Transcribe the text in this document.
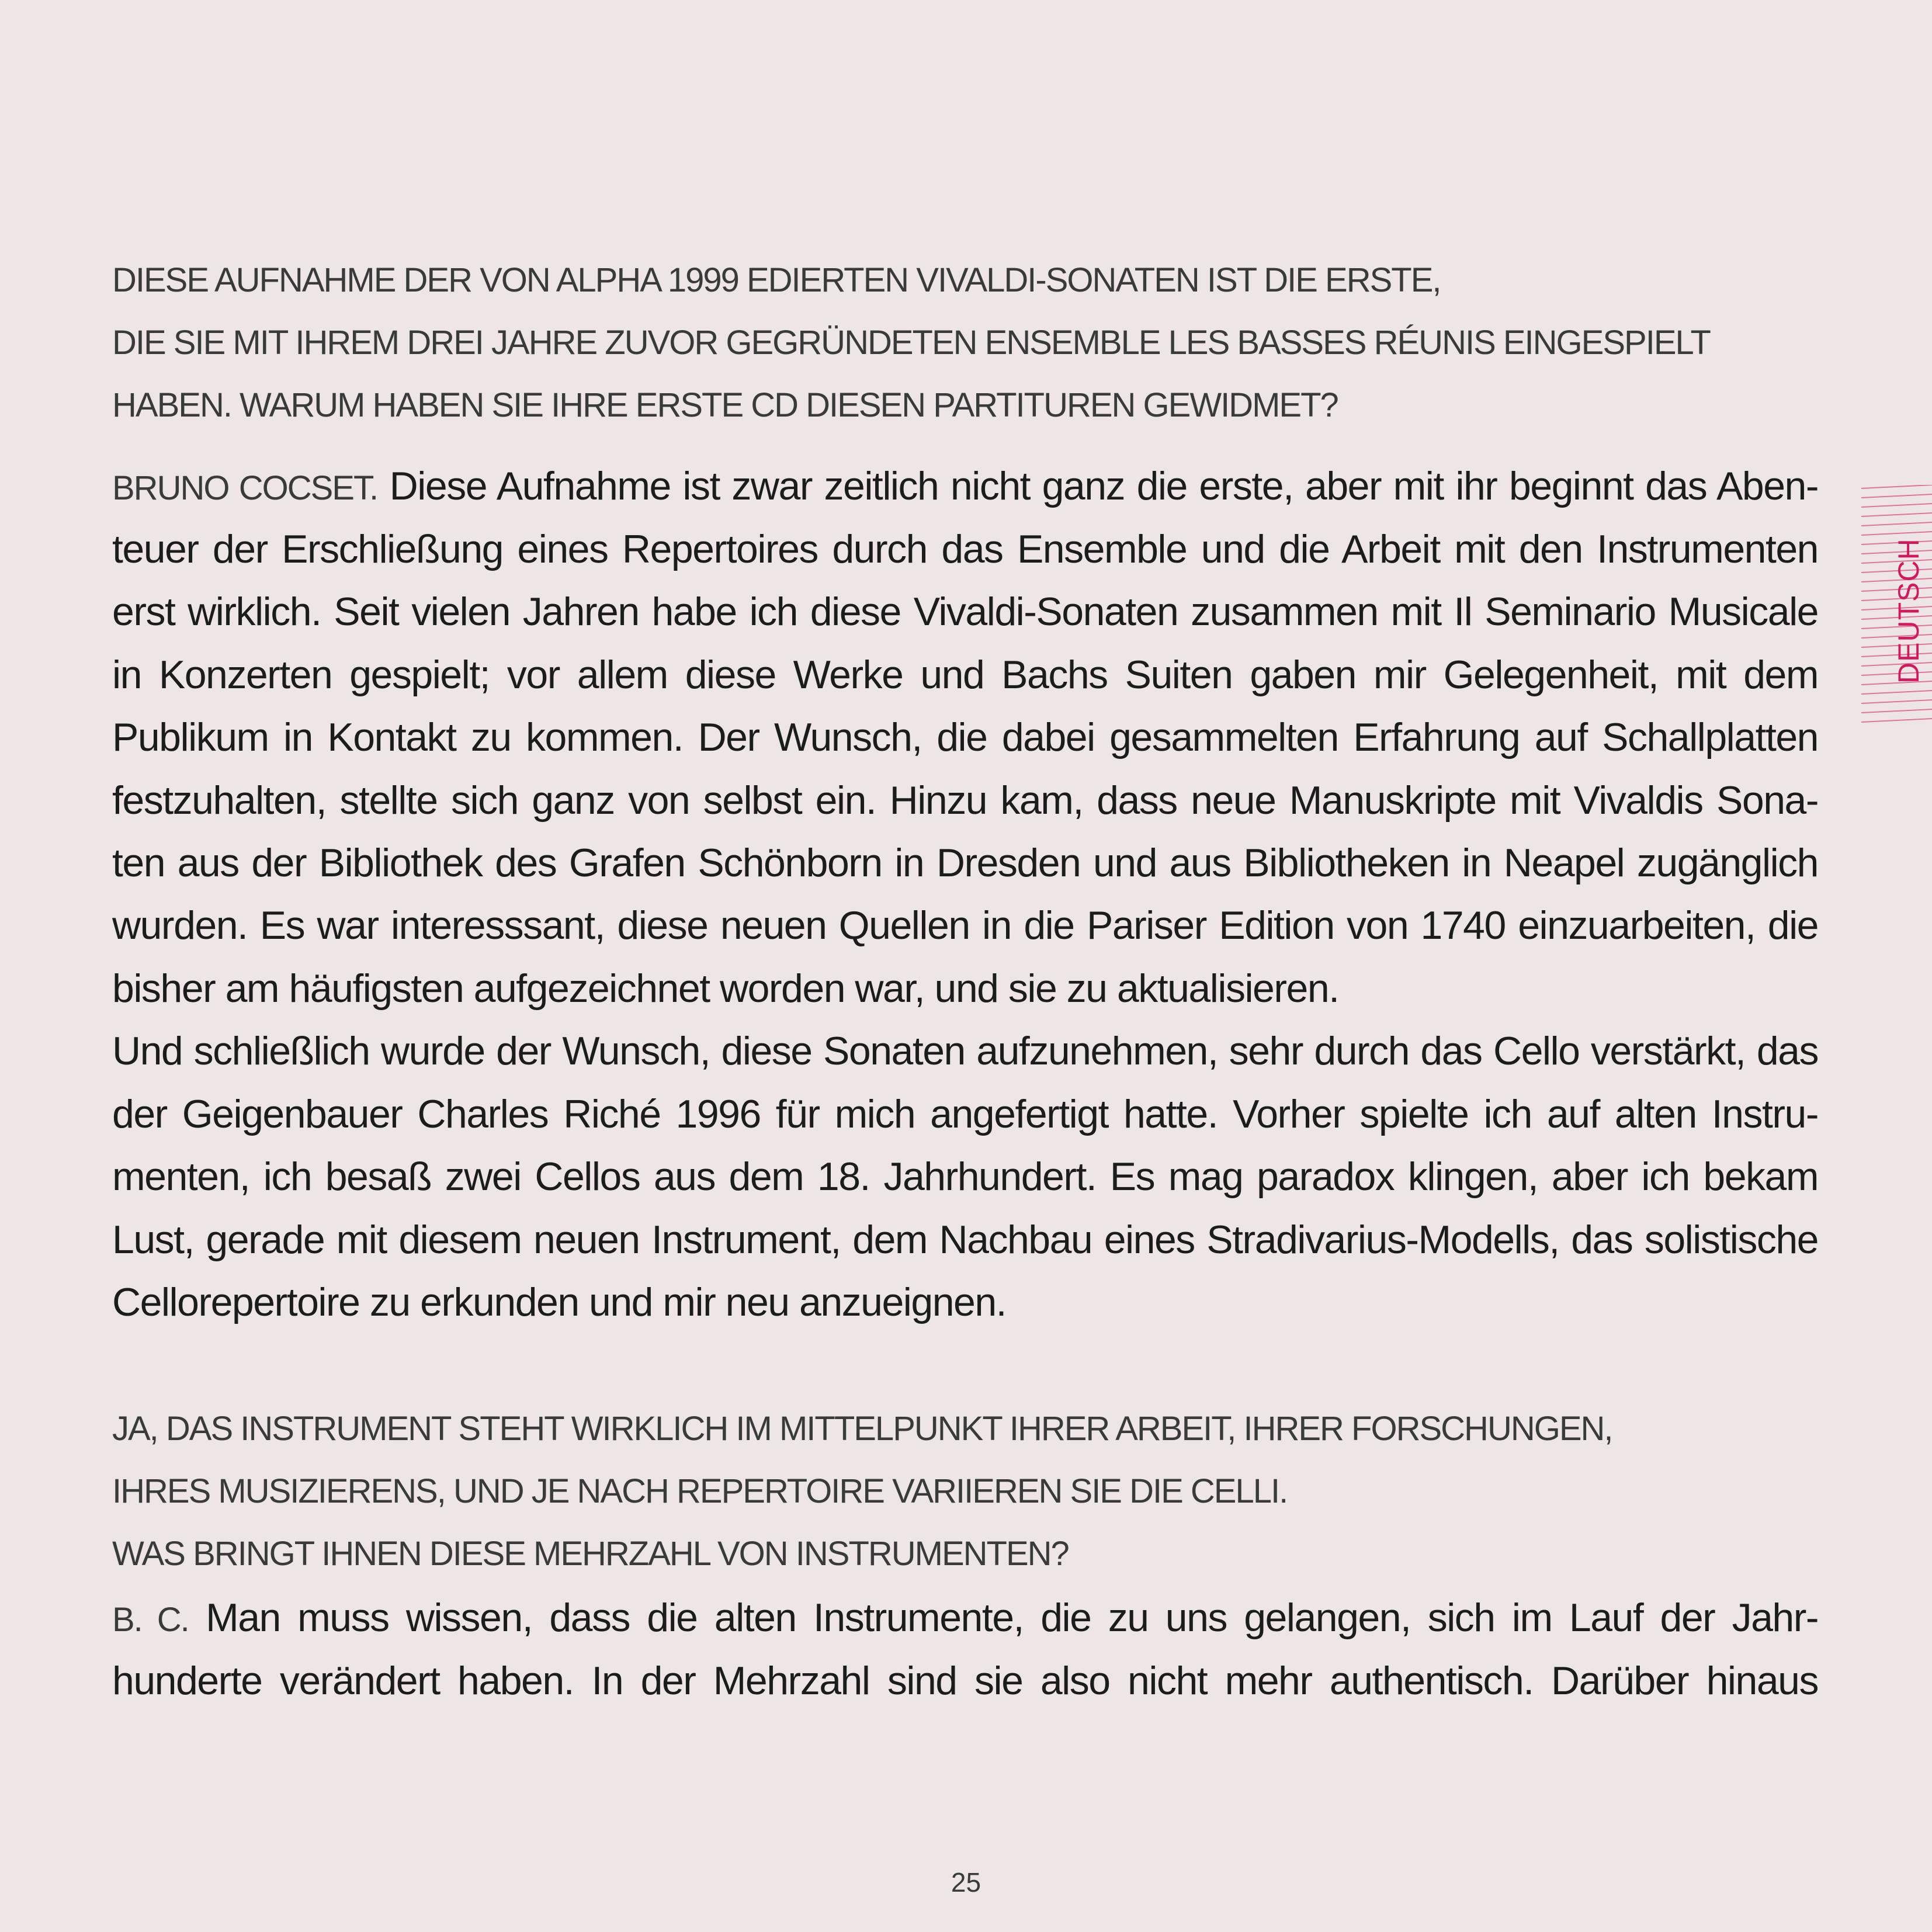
DIESE AUFNAHME DER VON ALPHA 1999 EDIERTEN VIVALDI-SONATEN IST DIE ERSTE,
DIE SIE MIT IHREM DREI JAHRE ZUVOR GEGRÜNDETEN ENSEMBLE LES BASSES RÉUNIS EINGESPIELT
HABEN. WARUM HABEN SIE IHRE ERSTE CD DIESEN PARTITUREN GEWIDMET?
BRUNO COCSET. Diese Aufnahme ist zwar zeitlich nicht ganz die erste, aber mit ihr beginnt das Aben-
teuer der Erschließung eines Repertoires durch das Ensemble und die Arbeit mit den Instrumenten
erst wirklich. Seit vielen Jahren habe ich diese Vivaldi-Sonaten zusammen mit Il Seminario Musicale
in Konzerten gespielt; vor allem diese Werke und Bachs Suiten gaben mir Gelegenheit, mit dem
Publikum in Kontakt zu kommen. Der Wunsch, die dabei gesammelten Erfahrung auf Schallplatten
festzuhalten, stellte sich ganz von selbst ein. Hinzu kam, dass neue Manuskripte mit Vivaldis Sona-
ten aus der Bibliothek des Grafen Schönborn in Dresden und aus Bibliotheken in Neapel zugänglich
wurden. Es war interesssant, diese neuen Quellen in die Pariser Edition von 1740 einzuarbeiten, die
bisher am häufigsten aufgezeichnet worden war, und sie zu aktualisieren.
Und schließlich wurde der Wunsch, diese Sonaten aufzunehmen, sehr durch das Cello verstärkt, das
der Geigenbauer Charles Riché 1996 für mich angefertigt hatte. Vorher spielte ich auf alten Instru-
menten, ich besaß zwei Cellos aus dem 18. Jahrhundert. Es mag paradox klingen, aber ich bekam
Lust, gerade mit diesem neuen Instrument, dem Nachbau eines Stradivarius-Modells, das solistische
Cellorepertoire zu erkunden und mir neu anzueignen.
JA, DAS INSTRUMENT STEHT WIRKLICH IM MITTELPUNKT IHRER ARBEIT, IHRER FORSCHUNGEN,
IHRES MUSIZIERENS, UND JE NACH REPERTOIRE VARIIEREN SIE DIE CELLI.
WAS BRINGT IHNEN DIESE MEHRZAHL VON INSTRUMENTEN?
B. C. Man muss wissen, dass die alten Instrumente, die zu uns gelangen, sich im Lauf der Jahr-
hunderte verändert haben. In der Mehrzahl sind sie also nicht mehr authentisch. Darüber hinaus
DEUTSCH
25
